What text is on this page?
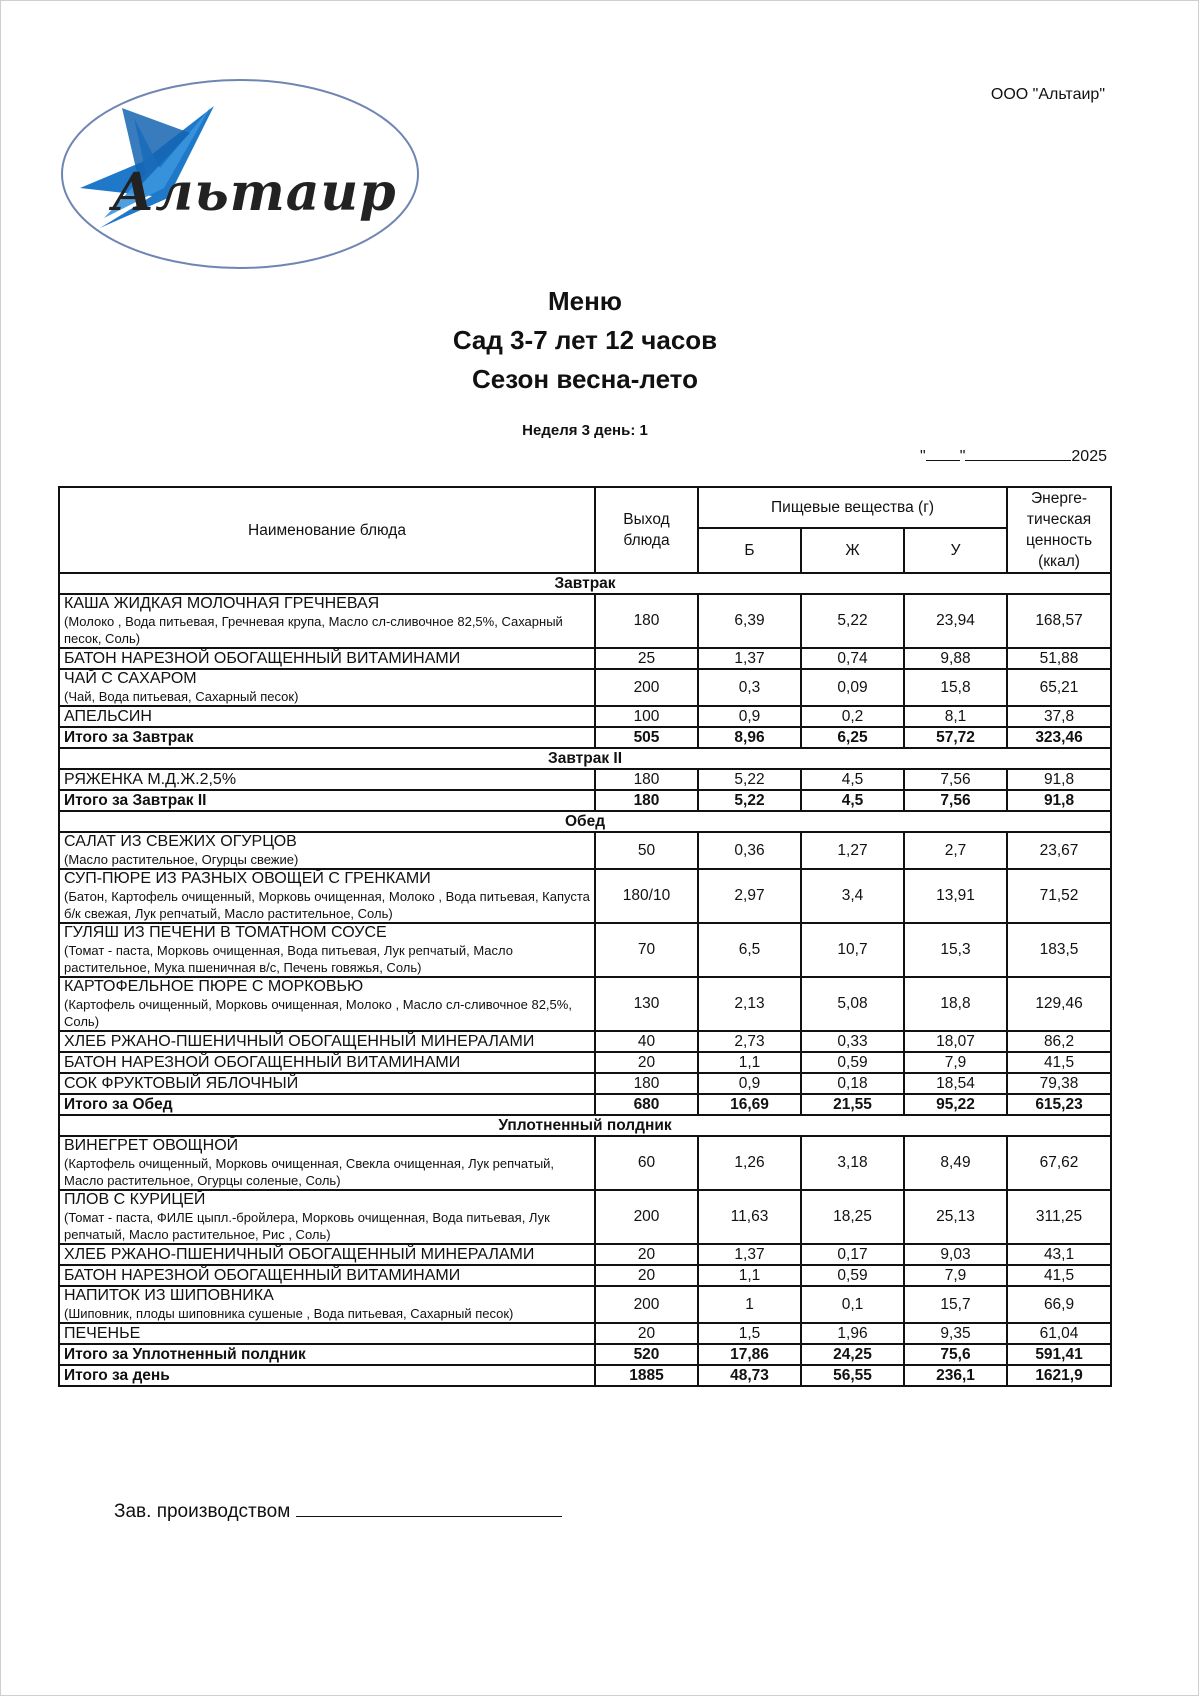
Альтаир
ООО "Альтаир"
Меню
Сад 3-7 лет 12 часов
Сезон весна-лето
Неделя 3 день: 1
" "	2025
Наименование блюда	Выход блюда	Пищевые вещества (г)			Энерге-тическая ценность (ккал)
		Б	Ж	У	
Завтрак					

КАША ЖИДКАЯ МОЛОЧНАЯ ГРЕЧНЕВАЯ
(Молоко , Вода питьевая, Гречневая крупа, Масло сл-сливочное 82,5%, Сахарный песок, Соль)	180	6,39	5,22	23,94	168,57

БАТОН НАРЕЗНОЙ ОБОГАЩЕННЫЙ ВИТАМИНАМИ	25	1,37	0,74	9,88	51,88

ЧАЙ С САХАРОМ
(Чай, Вода питьевая, Сахарный песок)	200	0,3	0,09	15,8	65,21

АПЕЛЬСИН	100	0,9	0,2	8,1	37,8
Итого за Завтрак	505	8,96	6,25	57,72	323,46
Завтрак II					

РЯЖЕНКА М.Д.Ж.2,5%	180	5,22	4,5	7,56	91,8
Итого за Завтрак II	180	5,22	4,5	7,56	91,8
Обед					

САЛАТ ИЗ СВЕЖИХ ОГУРЦОВ
(Масло растительное, Огурцы свежие)	50	0,36	1,27	2,7	23,67

СУП-ПЮРЕ ИЗ РАЗНЫХ ОВОЩЕЙ С ГРЕНКАМИ
(Батон, Картофель очищенный, Морковь очищенная, Молоко , Вода питьевая, Капуста б/к свежая, Лук репчатый, Масло растительное, Соль)	180/10	2,97	3,4	13,91	71,52

ГУЛЯШ ИЗ ПЕЧЕНИ В ТОМАТНОМ СОУСЕ
(Томат - паста, Морковь очищенная, Вода питьевая, Лук репчатый, Масло растительное, Мука пшеничная в/с, Печень говяжья, Соль)	70	6,5	10,7	15,3	183,5

КАРТОФЕЛЬНОЕ ПЮРЕ С МОРКОВЬЮ
(Картофель очищенный, Морковь очищенная, Молоко , Масло сл-сливочное 82,5%, Соль)	130	2,13	5,08	18,8	129,46

ХЛЕБ РЖАНО-ПШЕНИЧНЫЙ ОБОГАЩЕННЫЙ МИНЕРАЛАМИ	40	2,73	0,33	18,07	86,2

БАТОН НАРЕЗНОЙ ОБОГАЩЕННЫЙ ВИТАМИНАМИ	20	1,1	0,59	7,9	41,5

СОК ФРУКТОВЫЙ ЯБЛОЧНЫЙ	180	0,9	0,18	18,54	79,38
Итого за Обед	680	16,69	21,55	95,22	615,23
Уплотненный полдник					

ВИНЕГРЕТ ОВОЩНОЙ
(Картофель очищенный, Морковь очищенная, Свекла очищенная, Лук репчатый, Масло растительное, Огурцы соленые, Соль)	60	1,26	3,18	8,49	67,62

ПЛОВ С КУРИЦЕЙ
(Томат - паста, ФИЛЕ цыпл.-бройлера, Морковь очищенная, Вода питьевая, Лук репчатый, Масло растительное, Рис , Соль)	200	11,63	18,25	25,13	311,25

ХЛЕБ РЖАНО-ПШЕНИЧНЫЙ ОБОГАЩЕННЫЙ МИНЕРАЛАМИ	20	1,37	0,17	9,03	43,1

БАТОН НАРЕЗНОЙ ОБОГАЩЕННЫЙ ВИТАМИНАМИ	20	1,1	0,59	7,9	41,5

НАПИТОК ИЗ ШИПОВНИКА
(Шиповник, плоды шиповника сушеные , Вода питьевая, Сахарный песок)	200	1	0,1	15,7	66,9

ПЕЧЕНЬЕ	20	1,5	1,96	9,35	61,04
Итого за Уплотненный полдник	520	17,86	24,25	75,6	591,41
Итого за день	1885	48,73	56,55	236,1	1621,9
Зав. производством
